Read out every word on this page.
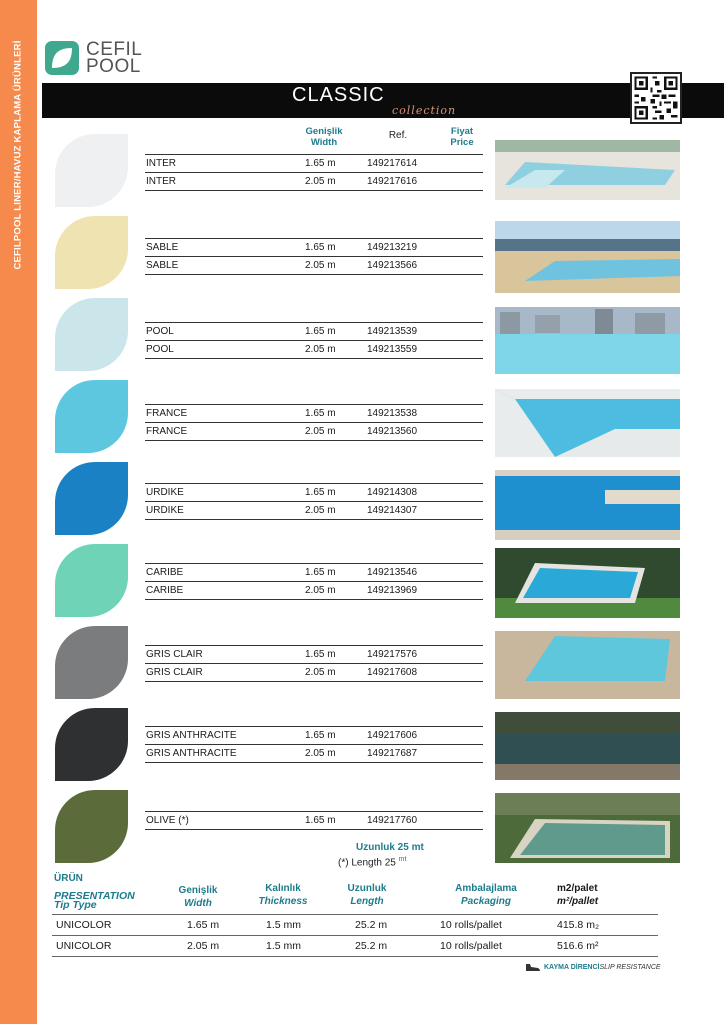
CEFILPOOL LINER/HAVUZ KAPLAMA ÜRÜNLERİ	CEFIL
POOL
CLASSIC
collection
Genişlik
Width
Ref.	Fiyat
Price
INTER	1.65 m	149217614
INTER	2.05 m	149217616
SABLE	1.65 m	149213219
SABLE	2.05 m	149213566
POOL	1.65 m	149213539
POOL	2.05 m	149213559
FRANCE	1.65 m	149213538
FRANCE	2.05 m	149213560
URDIKE	1.65 m	149214308
URDIKE	2.05 m	149214307
CARIBE	1.65 m	149213546
CARIBE	2.05 m	149213969
GRIS CLAIR	1.65 m	149217576
GRIS CLAIR	2.05 m	149217608
GRIS ANTHRACITE	1.65 m	149217606
GRIS ANTHRACITE	2.05 m	149217687
OLIVE (*)	1.65 m	149217760
Uzunluk 25 mt
(*) Length 25 $^{mt}$
ÜRÜN
PRESENTATION
Tip Type
Genişlik
Width
Kalınlık
Thickness
Uzunluk
Length
Ambalajlama
Packaging
m2/palet
m²/pallet
UNICOLOR	1.65 m	1.5 mm	25.2 m	10 rolls/pallet	415.8 m₂
UNICOLOR	2.05 m	1.5 mm	25.2 m	10 rolls/pallet	516.6 m²
KAYMA DİRENCİ SLIP RESISTANCE
